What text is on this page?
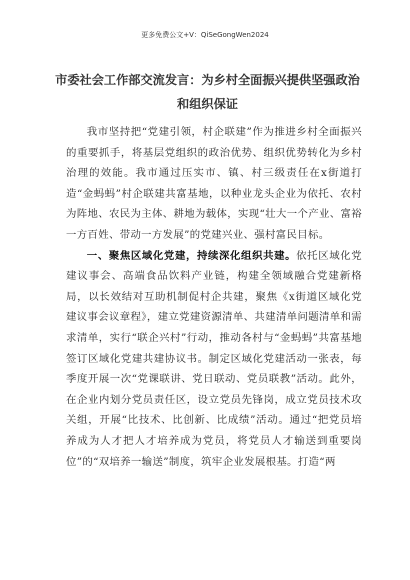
更多免费公文+V：QiSeGongWen2024
市委社会工作部交流发言：为乡村全面振兴提供坚强政治和组织保证

我市坚持把“党建引领，村企联建”作为推进乡村全面振兴的重要抓手，将基层党组织的政治优势、组织优势转化为乡村治理的效能。我市通过压实市、镇、村三级责任在x街道打造“金蚂蚂”村企联建共富基地，以种业龙头企业为依托、农村为阵地、农民为主体、耕地为载体，实现“壮大一个产业、富裕一方百姓、带动一方发展”的党建兴业、强村富民目标。

一、聚焦区域化党建，持续深化组织共建。依托区域化党建议事会、高端食品饮料产业链，构建全领域融合党建新格局，以长效结对互助机制促村企共建，聚焦《x街道区域化党建议事会议章程》，建立党建资源清单、共建清单问题清单和需求清单，实行“联企兴村”行动，推动各村与“金蚂蚂”共富基地签订区域化党建共建协议书。制定区域化党建活动一张表，每季度开展一次“党课联讲、党日联动、党员联教”活动。此外，在企业内划分党员责任区，设立党员先锋岗，成立党员技术攻关组，开展“比技术、比创新、比成绩”活动。通过“把党员培养成为人才把人才培养成为党员，将党员人才输送到重要岗位”的“双培养一输送”制度，筑牢企业发展根基。打造“两
